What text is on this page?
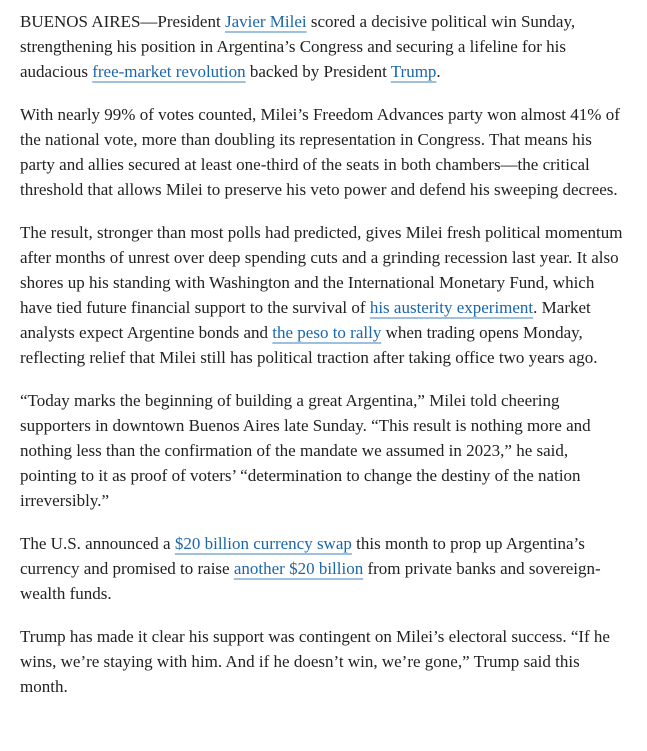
BUENOS AIRES—President Javier Milei scored a decisive political win Sunday, strengthening his position in Argentina’s Congress and securing a lifeline for his audacious free-market revolution backed by President Trump.

With nearly 99% of votes counted, Milei’s Freedom Advances party won almost 41% of the national vote, more than doubling its representation in Congress. That means his party and allies secured at least one-third of the seats in both chambers—the critical threshold that allows Milei to preserve his veto power and defend his sweeping decrees.

The result, stronger than most polls had predicted, gives Milei fresh political momentum after months of unrest over deep spending cuts and a grinding recession last year. It also shores up his standing with Washington and the International Monetary Fund, which have tied future financial support to the survival of his austerity experiment. Market analysts expect Argentine bonds and the peso to rally when trading opens Monday, reflecting relief that Milei still has political traction after taking office two years ago.

“Today marks the beginning of building a great Argentina,” Milei told cheering supporters in downtown Buenos Aires late Sunday. “This result is nothing more and nothing less than the confirmation of the mandate we assumed in 2023,” he said, pointing to it as proof of voters’ “determination to change the destiny of the nation irreversibly.”

The U.S. announced a $20 billion currency swap this month to prop up Argentina’s currency and promised to raise another $20 billion from private banks and sovereign-wealth funds.

Trump has made it clear his support was contingent on Milei’s electoral success. “If he wins, we’re staying with him. And if he doesn’t win, we’re gone,” Trump said this month.
